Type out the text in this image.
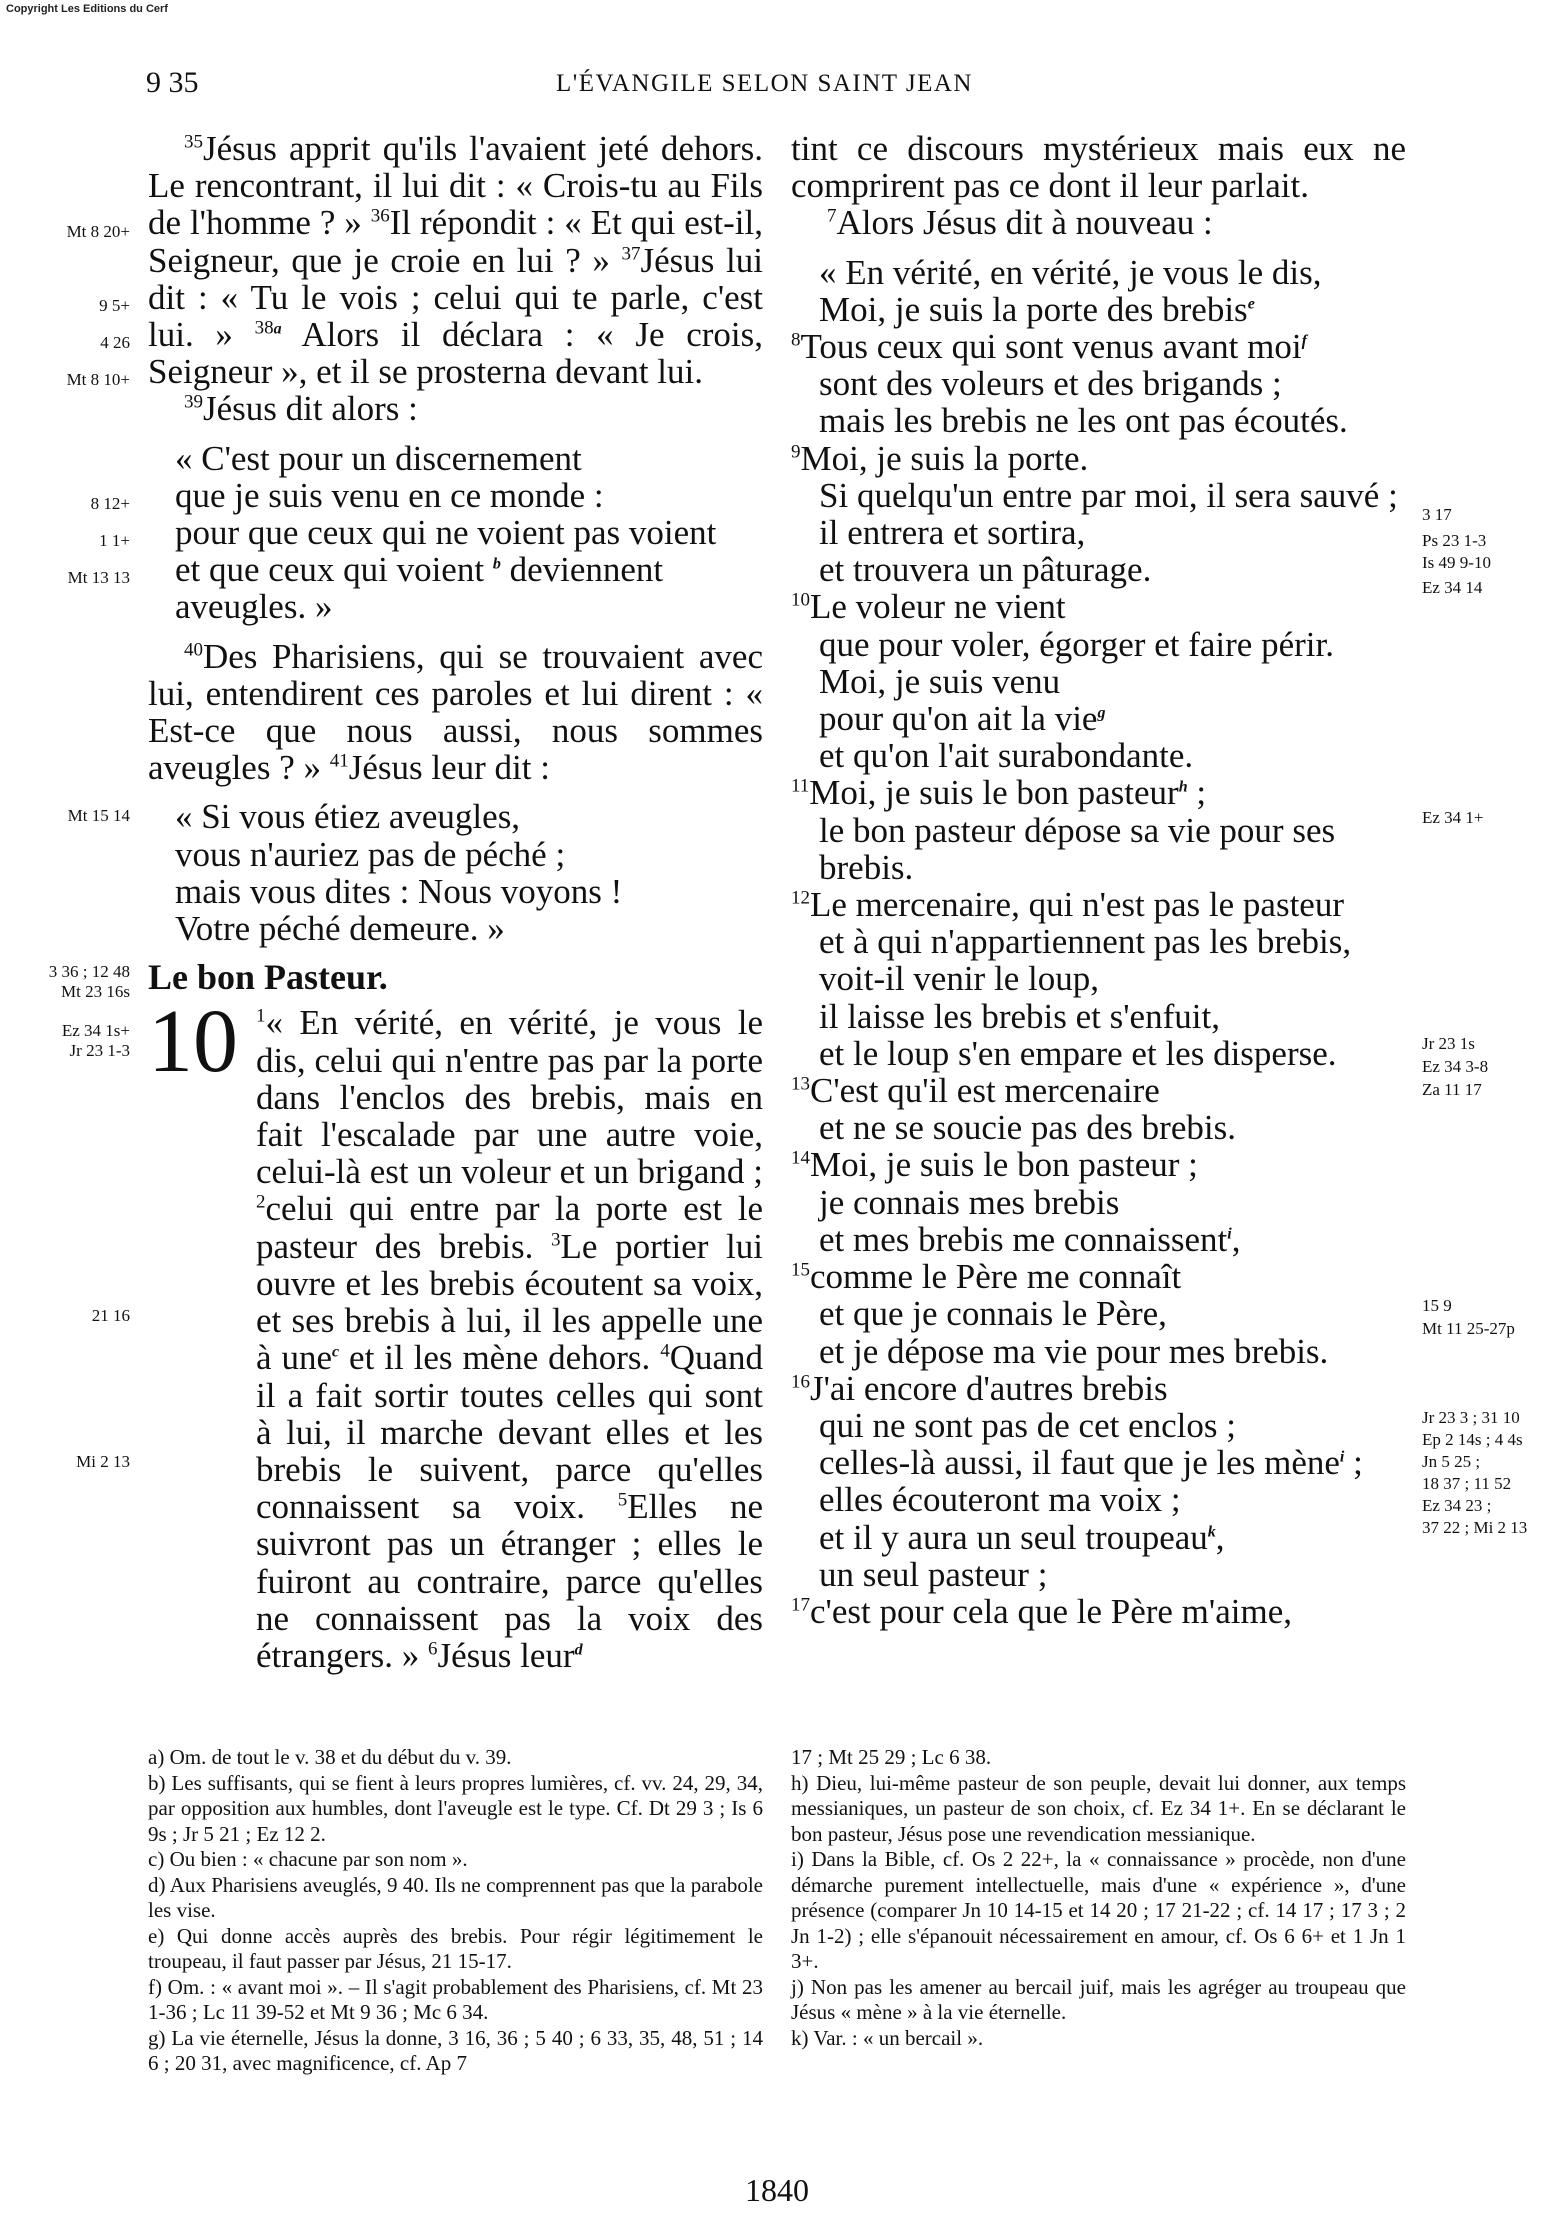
Copyright Les Editions du Cerf
9 35	L'ÉVANGILE SELON SAINT JEAN

$^{35}$Jésus apprit qu'ils l'avaient jeté dehors. Le rencontrant, il lui dit : « Crois-tu au Fils de l'homme ? » $^{36}$Il répondit : « Et qui est-il, Seigneur, que je croie en lui ? » $^{37}$Jésus lui dit : « Tu le vois ; celui qui te parle, c'est lui. » $^{38a}$ Alors il déclara : « Je crois, Seigneur », et il se prosterna devant lui.

$^{39}$Jésus dit alors :

« C'est pour un discernement
que je suis venu en ce monde :
pour que ceux qui ne voient pas voient
et que ceux qui voient $^b$ deviennent aveugles. »

$^{40}$Des Pharisiens, qui se trouvaient avec lui, entendirent ces paroles et lui dirent : « Est-ce que nous aussi, nous sommes aveugles ? » $^{41}$Jésus leur dit :

« Si vous étiez aveugles,
vous n'auriez pas de péché ;
mais vous dites : Nous voyons !
Votre péché demeure. »
Le bon Pasteur.
10 $^1$« En vérité, en vérité, je vous le dis, celui qui n'entre pas par la porte dans l'enclos des brebis, mais en fait l'escalade par une autre voie, celui-là est un voleur et un brigand ; $^2$celui qui entre par la porte est le pasteur des brebis. $^3$Le portier lui ouvre et les brebis écoutent sa voix, et ses brebis à lui, il les appelle une à une$^c$ et il les mène dehors. $^4$Quand il a fait sortir toutes celles qui sont à lui, il marche devant elles et les brebis le suivent, parce qu'elles connaissent sa voix. $^5$Elles ne suivront pas un étranger ; elles le fuiront au contraire, parce qu'elles ne connaissent pas la voix des étrangers. » $^6$Jésus leur$^d$

tint ce discours mystérieux mais eux ne comprirent pas ce dont il leur parlait.

$^7$Alors Jésus dit à nouveau :

« En vérité, en vérité, je vous le dis,
Moi, je suis la porte des brebis$^e$
$^8$Tous ceux qui sont venus avant moi$^f$
sont des voleurs et des brigands ;
mais les brebis ne les ont pas écoutés.
$^9$Moi, je suis la porte.
Si quelqu'un entre par moi, il sera sauvé ;
il entrera et sortira,
et trouvera un pâturage.
$^{10}$Le voleur ne vient
que pour voler, égorger et faire périr.
Moi, je suis venu
pour qu'on ait la vie$^g$
et qu'on l'ait surabondante.
$^{11}$Moi, je suis le bon pasteur$^h$ ;
le bon pasteur dépose sa vie pour ses brebis.
$^{12}$Le mercenaire, qui n'est pas le pasteur
et à qui n'appartiennent pas les brebis,
voit-il venir le loup,
il laisse les brebis et s'enfuit,
et le loup s'en empare et les disperse.
$^{13}$C'est qu'il est mercenaire
et ne se soucie pas des brebis.
$^{14}$Moi, je suis le bon pasteur ;
je connais mes brebis
et mes brebis me connaissent$^i$,
$^{15}$comme le Père me connaît
et que je connais le Père,
et je dépose ma vie pour mes brebis.
$^{16}$J'ai encore d'autres brebis
qui ne sont pas de cet enclos ;
celles-là aussi, il faut que je les mène$^i$ ;
elles écouteront ma voix ;
et il y aura un seul troupeau$^k$,
un seul pasteur ;
$^{17}$c'est pour cela que le Père m'aime,
Mt 8 20+
9 5+
4 26
Mt 8 10+
8 12+
1 1+
Mt 13 13
Mt 15 14
3 36 ; 12 48
Mt 23 16s
Ez 34 1s+
Jr 23 1-3
21 16
Mi 2 13
3 17
Ps 23 1-3
Is 49 9-10
Ez 34 14
Ez 34 1+
Jr 23 1s
Ez 34 3-8
Za 11 17
15 9
Mt 11 25-27p
Jr 23 3 ; 31 10
Ep 2 14s ; 4 4s
Jn 5 25 ;
18 37 ; 11 52
Ez 34 23 ;
37 22 ; Mi 2 13

a) Om. de tout le v. 38 et du début du v. 39.

b) Les suffisants, qui se fient à leurs propres lumières, cf. vv. 24, 29, 34, par opposition aux humbles, dont l'aveugle est le type. Cf. Dt 29 3 ; Is 6 9s ; Jr 5 21 ; Ez 12 2.

c) Ou bien : « chacune par son nom ».

d) Aux Pharisiens aveuglés, 9 40. Ils ne comprennent pas que la parabole les vise.

e) Qui donne accès auprès des brebis. Pour régir légitimement le troupeau, il faut passer par Jésus, 21 15-17.

f) Om. : « avant moi ». – Il s'agit probablement des Pharisiens, cf. Mt 23 1-36 ; Lc 11 39-52 et Mt 9 36 ; Mc 6 34.

g) La vie éternelle, Jésus la donne, 3 16, 36 ; 5 40 ; 6 33, 35, 48, 51 ; 14 6 ; 20 31, avec magnificence, cf. Ap 7

17 ; Mt 25 29 ; Lc 6 38.

h) Dieu, lui-même pasteur de son peuple, devait lui donner, aux temps messianiques, un pasteur de son choix, cf. Ez 34 1+. En se déclarant le bon pasteur, Jésus pose une revendication messianique.

i) Dans la Bible, cf. Os 2 22+, la « connaissance » procède, non d'une démarche purement intellectuelle, mais d'une « expérience », d'une présence (comparer Jn 10 14-15 et 14 20 ; 17 21-22 ; cf. 14 17 ; 17 3 ; 2 Jn 1-2) ; elle s'épanouit nécessairement en amour, cf. Os 6 6+ et 1 Jn 1 3+.

j) Non pas les amener au bercail juif, mais les agréger au troupeau que Jésus « mène » à la vie éternelle.

k) Var. : « un bercail ».

1840
